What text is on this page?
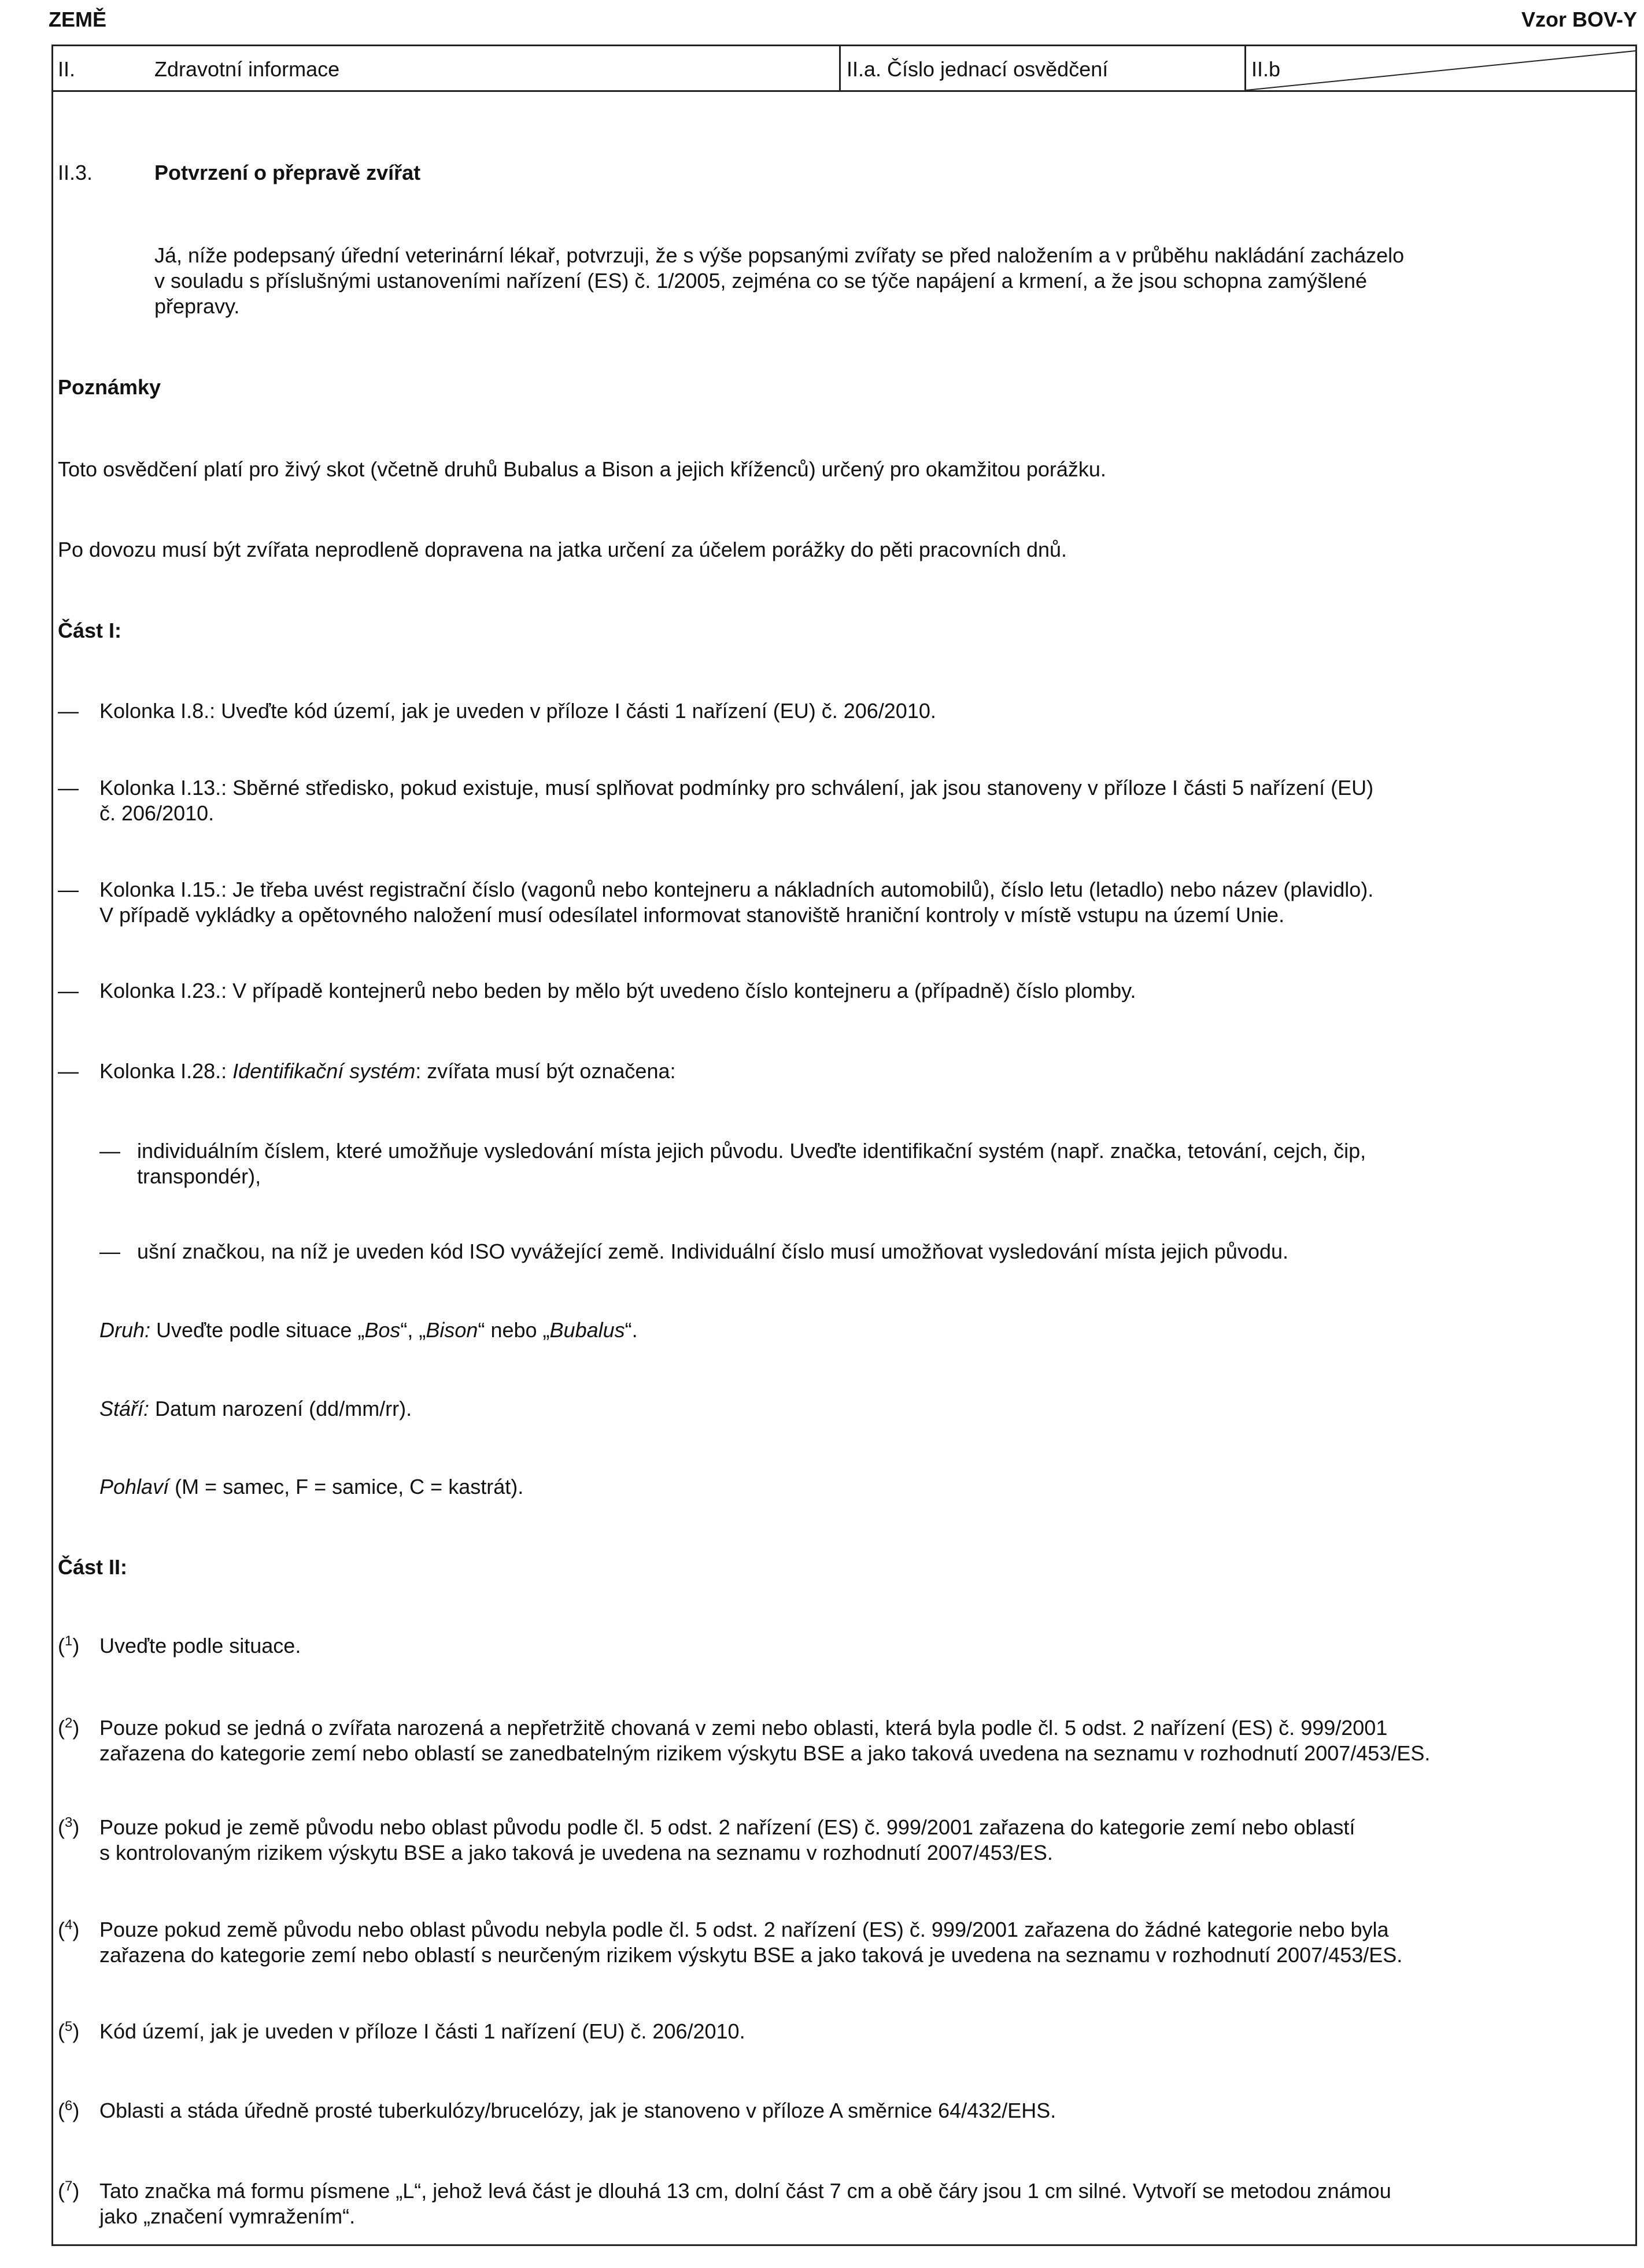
ZEMĚ	Vzor BOV-Y
II.	Zdravotní informace	II.a. Číslo jednací osvědčení	II.b
II.3.	Potvrzení o přepravě zvířat
Já, níže podepsaný úřední veterinární lékař, potvrzuji, že s výše popsanými zvířaty se před naložením a v průběhu nakládání zacházelo
v souladu s příslušnými ustanoveními nařízení (ES) č. 1/2005, zejména co se týče napájení a krmení, a že jsou schopna zamýšlené
přepravy.
Poznámky
Toto osvědčení platí pro živý skot (včetně druhů Bubalus a Bison a jejich kříženců) určený pro okamžitou porážku.
Po dovozu musí být zvířata neprodleně dopravena na jatka určení za účelem porážky do pěti pracovních dnů.
Část I:
— Kolonka I.8.: Uveďte kód území, jak je uveden v příloze I části 1 nařízení (EU) č. 206/2010.
— Kolonka I.13.: Sběrné středisko, pokud existuje, musí splňovat podmínky pro schválení, jak jsou stanoveny v příloze I části 5 nařízení (EU)
č. 206/2010.
— Kolonka I.15.: Je třeba uvést registrační číslo (vagonů nebo kontejneru a nákladních automobilů), číslo letu (letadlo) nebo název (plavidlo).
V případě vykládky a opětovného naložení musí odesílatel informovat stanoviště hraniční kontroly v místě vstupu na území Unie.
— Kolonka I.23.: V případě kontejnerů nebo beden by mělo být uvedeno číslo kontejneru a (případně) číslo plomby.
— Kolonka I.28.: Identifikační systém: zvířata musí být označena:
— individuálním číslem, které umožňuje vysledování místa jejich původu. Uveďte identifikační systém (např. značka, tetování, cejch, čip,
transpondér),
— ušní značkou, na níž je uveden kód ISO vyvážející země. Individuální číslo musí umožňovat vysledování místa jejich původu.
Druh: Uveďte podle situace „Bos“, „Bison“ nebo „Bubalus“.
Stáří: Datum narození (dd/mm/rr).
Pohlaví (M = samec, F = samice, C = kastrát).
Část II:
($^1$) Uveďte podle situace.
($^2$) Pouze pokud se jedná o zvířata narozená a nepřetržitě chovaná v zemi nebo oblasti, která byla podle čl. 5 odst. 2 nařízení (ES) č. 999/2001
zařazena do kategorie zemí nebo oblastí se zanedbatelným rizikem výskytu BSE a jako taková uvedena na seznamu v rozhodnutí 2007/453/ES.
($^3$) Pouze pokud je země původu nebo oblast původu podle čl. 5 odst. 2 nařízení (ES) č. 999/2001 zařazena do kategorie zemí nebo oblastí
s kontrolovaným rizikem výskytu BSE a jako taková je uvedena na seznamu v rozhodnutí 2007/453/ES.
($^4$) Pouze pokud země původu nebo oblast původu nebyla podle čl. 5 odst. 2 nařízení (ES) č. 999/2001 zařazena do žádné kategorie nebo byla
zařazena do kategorie zemí nebo oblastí s neurčeným rizikem výskytu BSE a jako taková je uvedena na seznamu v rozhodnutí 2007/453/ES.
($^5$) Kód území, jak je uveden v příloze I části 1 nařízení (EU) č. 206/2010.
($^6$) Oblasti a stáda úředně prosté tuberkulózy/brucelózy, jak je stanoveno v příloze A směrnice 64/432/EHS.
($^7$) Tato značka má formu písmene „L“, jehož levá část je dlouhá 13 cm, dolní část 7 cm a obě čáry jsou 1 cm silné. Vytvoří se metodou známou
jako „značení vymražením“.
